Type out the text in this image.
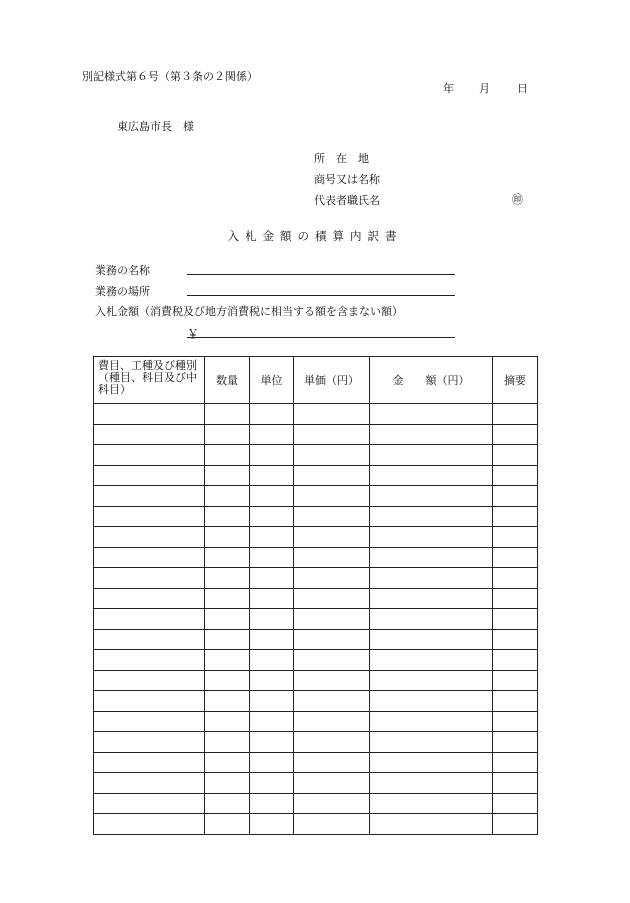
別記様式第６号（第３条の２関係）
年 月 日
東広島市長　様
所　在　地
商号又は名称
代表者職氏名	㊞
入札金額の積算内訳書
業務の名称
業務の場所
入札金額（消費税及び地方消費税に相当する額を含まない額）
￥
費目、工種及び種別（種目、科目及び中科目）	数量	単位	単価（円）	金　　額（円）	摘要
